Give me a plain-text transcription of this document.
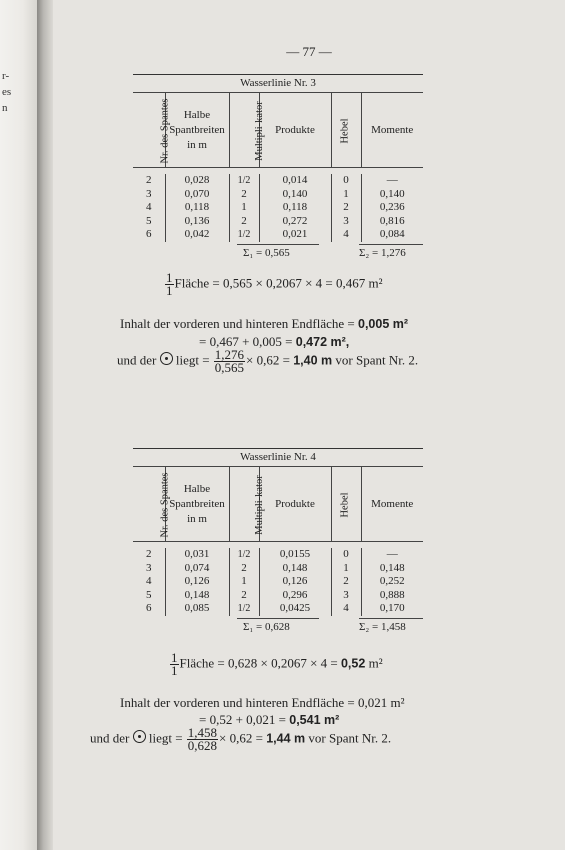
r-
es
n
— 77 —
Wasserlinie Nr. 3
Nr. des Spantes	Halbe
Spantbreiten
in m	Multipli-kator	Produkte	Hebel	Momente

2	0,028	1/2	0,014	0	—
3	0,070	2	0,140	1	0,140
4	0,118	1	0,118	2	0,236
5	0,136	2	0,272	3	0,816
6	0,042	1/2	0,021	4	0,084
Σ₁ = 0,565	Σ₂ = 1,276
$\frac{1}{1}$ Fläche = 0,565 × 0,2067 × 4 = 0,467 m²
Inhalt der vorderen und hinteren Endfläche = 0,005 m²
= 0,467 + 0,005 = 0,472 m²,
und der liegt = $\frac{1,276}{0,565} \times 0,62 = 1,40$ m vor Spant Nr. 2.
Wasserlinie Nr. 4
Nr. des Spantes	Halbe
Spantbreiten
in m	Multipli-kator	Produkte	Hebel	Momente

2	0,031	1/2	0,0155	0	—
3	0,074	2	0,148	1	0,148
4	0,126	1	0,126	2	0,252
5	0,148	2	0,296	3	0,888
6	0,085	1/2	0,0425	4	0,170
Σ₁ = 0,628	Σ₂ = 1,458
$\frac{1}{1}$ Fläche = 0,628 × 0,2067 × 4 = 0,52 m²
Inhalt der vorderen und hinteren Endfläche = 0,021 m²
= 0,52 + 0,021 = 0,541 m²
und der liegt = $\frac{1,458}{0,628} \times 0,62 = 1,44$ m vor Spant Nr. 2.
